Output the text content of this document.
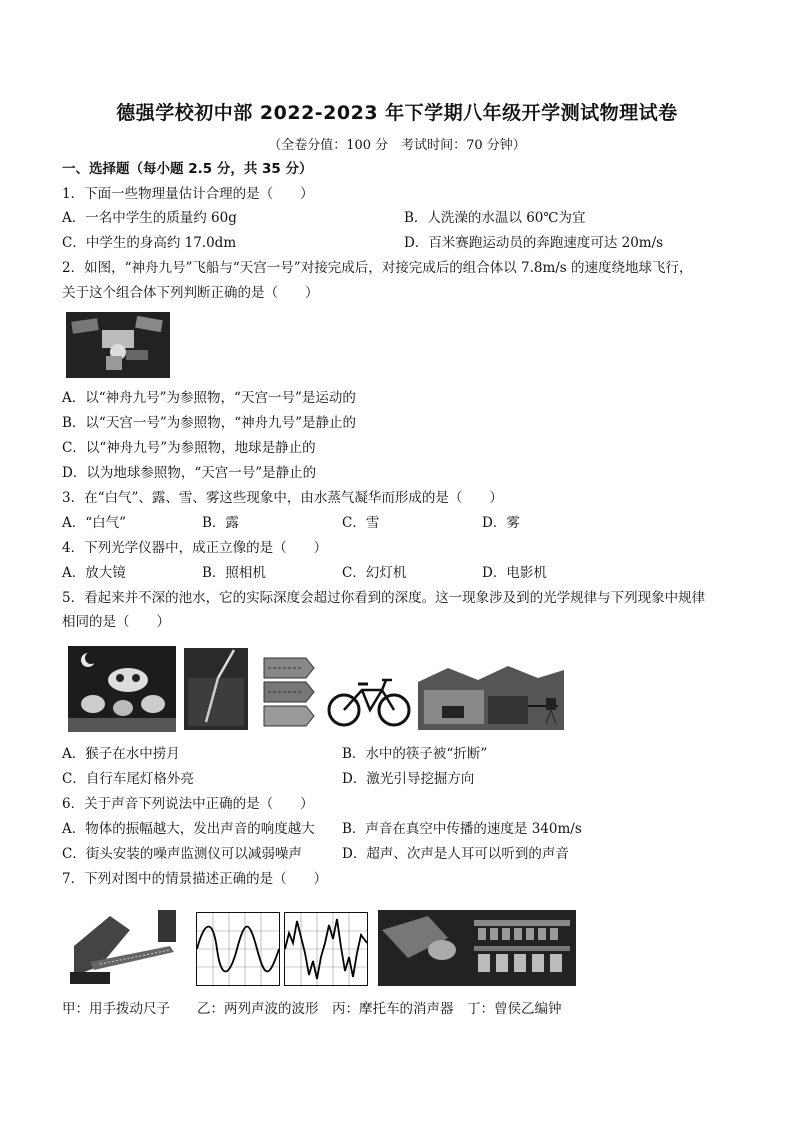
德强学校初中部 2022-2023 年下学期八年级开学测试物理试卷
（全卷分值：100 分　考试时间：70 分钟）
一、选择题（每小题 2.5 分，共 35 分）
1．下面一些物理量估计合理的是（　　）
A．一名中学生的质量约 60g	B．人洗澡的水温以 60℃为宜
C．中学生的身高约 17.0dm	D．百米赛跑运动员的奔跑速度可达 20m/s
2．如图，“神舟九号”飞船与“天宫一号”对接完成后，对接完成后的组合体以 7.8m/s 的速度绕地球飞行，
关于这个组合体下列判断正确的是（　　）
A．以“神舟九号”为参照物，“天宫一号”是运动的
B．以“天宫一号”为参照物，“神舟九号”是静止的
C．以“神舟九号”为参照物，地球是静止的
D．以为地球参照物，“天宫一号”是静止的
3．在“白气”、露、雪、雾这些现象中，由水蒸气凝华而形成的是（　　）
A．“白气”	B．露	C．雪	D．雾
4．下列光学仪器中，成正立像的是（　　）
A．放大镜	B．照相机	C．幻灯机	D．电影机
5．看起来并不深的池水，它的实际深度会超过你看到的深度。这一现象涉及到的光学规律与下列现象中规律
相同的是（　　）
A．猴子在水中捞月	B．水中的筷子被“折断”
C．自行车尾灯格外亮	D．激光引导挖掘方向
6．关于声音下列说法中正确的是（　　）
A．物体的振幅越大，发出声音的响度越大 B．声音在真空中传播的速度是 340m/s
C．街头安装的噪声监测仪可以减弱噪声	D．超声、次声是人耳可以听到的声音
7．下列对图中的情景描述正确的是（　　）
甲：用手拨动尺子　　乙：两列声波的波形　丙：摩托车的消声器　丁：曾侯乙编钟
